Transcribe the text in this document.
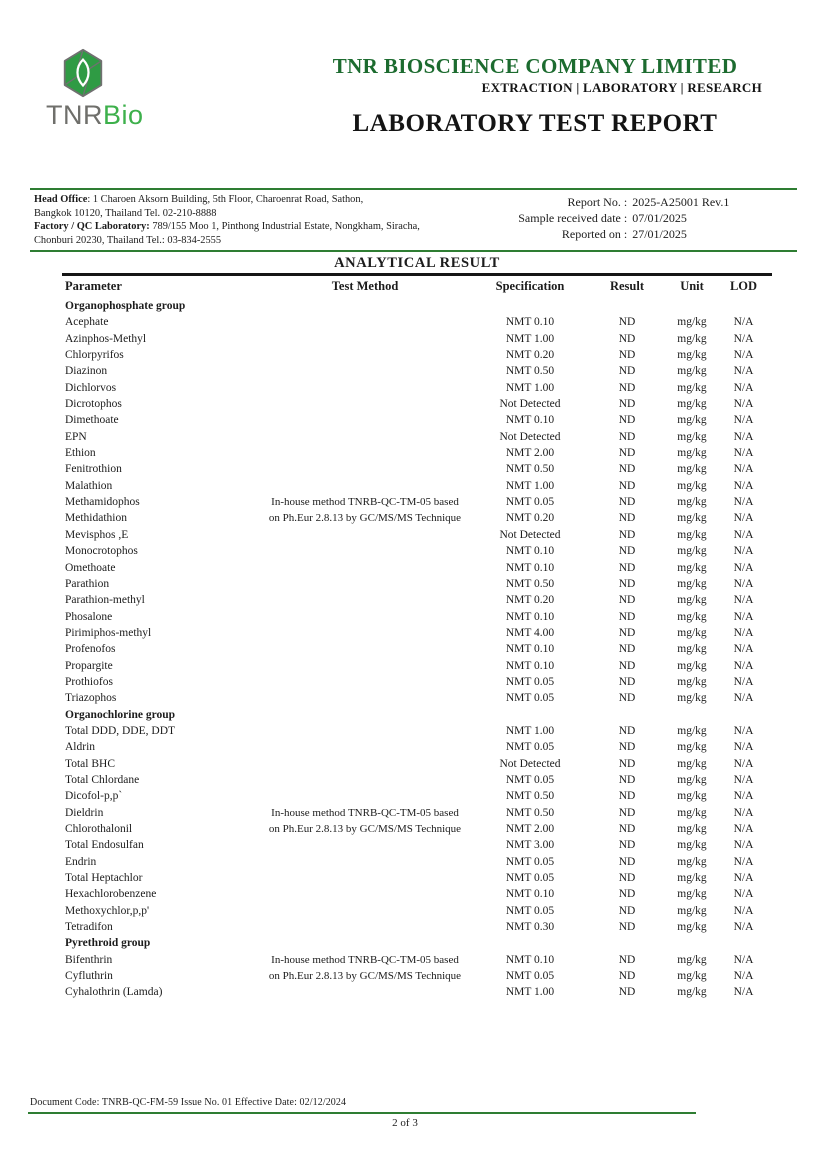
TNRBio
TNR BIOSCIENCE COMPANY LIMITED
EXTRACTION | LABORATORY | RESEARCH
LABORATORY TEST REPORT
Head Office: 1 Charoen Aksorn Building, 5th Floor, Charoenrat Road, Sathon,
Bangkok 10120, Thailand Tel. 02-210-8888
Factory / QC Laboratory: 789/155 Moo 1, Pinthong Industrial Estate, Nongkham, Siracha,
Chonburi 20230, Thailand Tel.: 03-834-2555
Report No. : 2025-A25001 Rev.1
Sample received date : 07/01/2025
Reported on : 27/01/2025
ANALYTICAL RESULT
Parameter	Test Method	Specification	Result	Unit	LOD
Organophosphate group
Acephate	NMT 0.10	ND	mg/kg	N/A
Azinphos-Methyl	NMT 1.00	ND	mg/kg	N/A
Chlorpyrifos	NMT 0.20	ND	mg/kg	N/A
Diazinon	NMT 0.50	ND	mg/kg	N/A
Dichlorvos	NMT 1.00	ND	mg/kg	N/A
Dicrotophos	Not Detected	ND	mg/kg	N/A
Dimethoate	NMT 0.10	ND	mg/kg	N/A
EPN	Not Detected	ND	mg/kg	N/A
Ethion	NMT 2.00	ND	mg/kg	N/A
Fenitrothion	NMT 0.50	ND	mg/kg	N/A
Malathion	NMT 1.00	ND	mg/kg	N/A
Methamidophos	In-house method TNRB-QC-TM-05 based	NMT 0.05	ND	mg/kg	N/A
Methidathion	on Ph.Eur 2.8.13 by GC/MS/MS Technique	NMT 0.20	ND	mg/kg	N/A
Mevisphos ,E	Not Detected	ND	mg/kg	N/A
Monocrotophos	NMT 0.10	ND	mg/kg	N/A
Omethoate	NMT 0.10	ND	mg/kg	N/A
Parathion	NMT 0.50	ND	mg/kg	N/A
Parathion-methyl	NMT 0.20	ND	mg/kg	N/A
Phosalone	NMT 0.10	ND	mg/kg	N/A
Pirimiphos-methyl	NMT 4.00	ND	mg/kg	N/A
Profenofos	NMT 0.10	ND	mg/kg	N/A
Propargite	NMT 0.10	ND	mg/kg	N/A
Prothiofos	NMT 0.05	ND	mg/kg	N/A
Triazophos	NMT 0.05	ND	mg/kg	N/A
Organochlorine group
Total DDD, DDE, DDT	NMT 1.00	ND	mg/kg	N/A
Aldrin	NMT 0.05	ND	mg/kg	N/A
Total BHC	Not Detected	ND	mg/kg	N/A
Total Chlordane	NMT 0.05	ND	mg/kg	N/A
Dicofol-p,p`	NMT 0.50	ND	mg/kg	N/A
Dieldrin	In-house method TNRB-QC-TM-05 based	NMT 0.50	ND	mg/kg	N/A
Chlorothalonil	on Ph.Eur 2.8.13 by GC/MS/MS Technique	NMT 2.00	ND	mg/kg	N/A
Total Endosulfan	NMT 3.00	ND	mg/kg	N/A
Endrin	NMT 0.05	ND	mg/kg	N/A
Total Heptachlor	NMT 0.05	ND	mg/kg	N/A
Hexachlorobenzene	NMT 0.10	ND	mg/kg	N/A
Methoxychlor,p,p'	NMT 0.05	ND	mg/kg	N/A
Tetradifon	NMT 0.30	ND	mg/kg	N/A
Pyrethroid group
Bifenthrin	In-house method TNRB-QC-TM-05 based	NMT 0.10	ND	mg/kg	N/A
Cyfluthrin	on Ph.Eur 2.8.13 by GC/MS/MS Technique	NMT 0.05	ND	mg/kg	N/A
Cyhalothrin (Lamda)	NMT 1.00	ND	mg/kg	N/A
Document Code: TNRB-QC-FM-59 Issue No. 01 Effective Date: 02/12/2024
2 of 3
